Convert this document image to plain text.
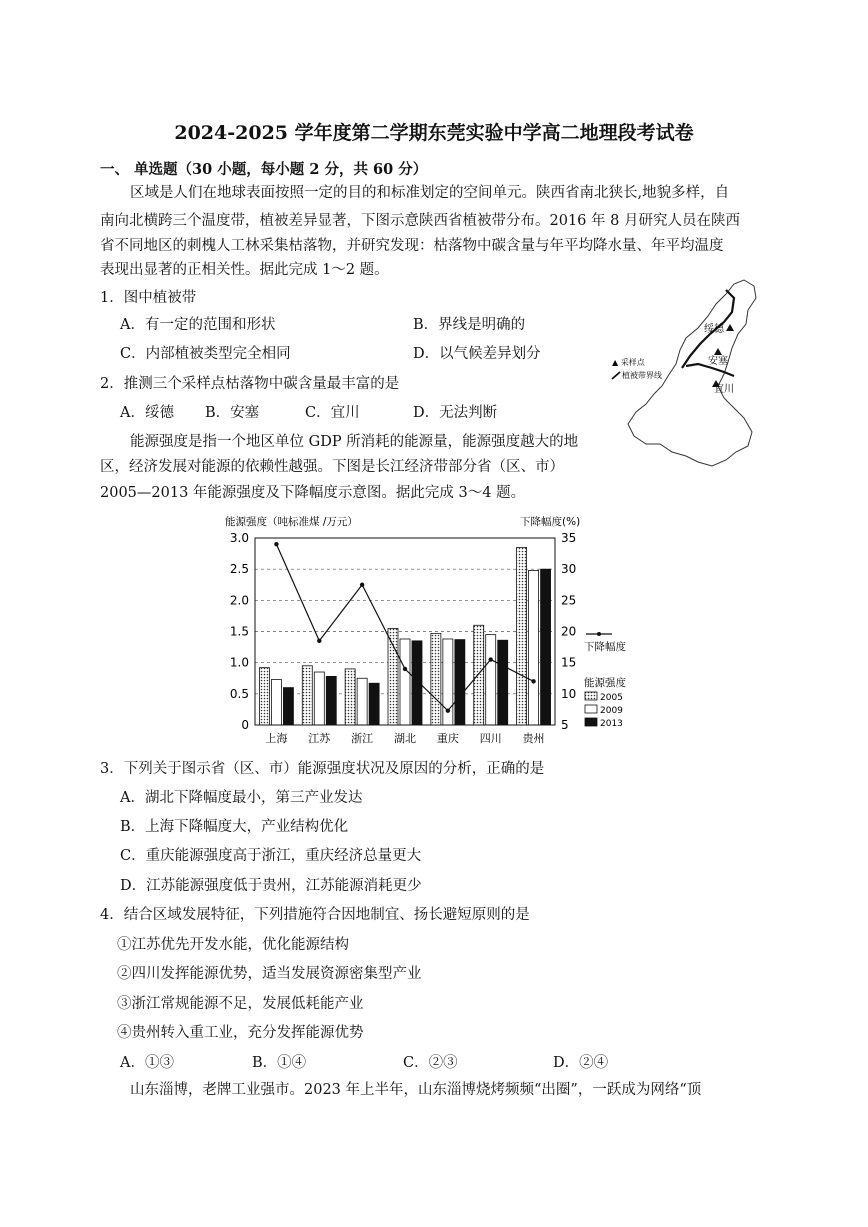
2024-2025 学年度第二学期东莞实验中学高二地理段考试卷
一、 单选题（30 小题，每小题 2 分，共 60 分）
区域是人们在地球表面按照一定的目的和标准划定的空间单元。陕西省南北狭长,地貌多样，自
南向北横跨三个温度带，植被差异显著，下图示意陕西省植被带分布。2016 年 8 月研究人员在陕西
省不同地区的刺槐人工林采集枯落物，并研究发现：枯落物中碳含量与年平均降水量、年平均温度
表现出显著的正相关性。据此完成 1～2 题。
1．图中植被带
A．有一定的范围和形状	B．界线是明确的
C．内部植被类型完全相同	D．以气候差异划分
2．推测三个采样点枯落物中碳含量最丰富的是
A．绥德 B．安塞	C．宜川	D．无法判断
绥德
安塞
宜川
▲ 采样点
植被带界线
能源强度是指一个地区单位 GDP 所消耗的能源量，能源强度越大的地
区，经济发展对能源的依赖性越强。下图是长江经济带部分省（区、市）
2005—2013 年能源强度及下降幅度示意图。据此完成 3～4 题。
能源强度（吨标准煤 /万元）	下降幅度(%)
0
0.5
1.0
1.5
2.0
2.5
3.0
5
10
15
20
25
30
35
上海 江苏 浙江 湖北 重庆 四川 贵州
下降幅度
能源强度
2005
2009
2013
3．下列关于图示省（区、市）能源强度状况及原因的分析，正确的是
A．湖北下降幅度最小，第三产业发达
B．上海下降幅度大，产业结构优化
C．重庆能源强度高于浙江，重庆经济总量更大
D．江苏能源强度低于贵州，江苏能源消耗更少
4．结合区域发展特征，下列措施符合因地制宜、扬长避短原则的是
①江苏优先开发水能，优化能源结构
②四川发挥能源优势，适当发展资源密集型产业
③浙江常规能源不足，发展低耗能产业
④贵州转入重工业，充分发挥能源优势
A．①③	B．①④	C．②③	D．②④
山东淄博，老牌工业强市。2023 年上半年，山东淄博烧烤频频“出圈”，一跃成为网络“顶
